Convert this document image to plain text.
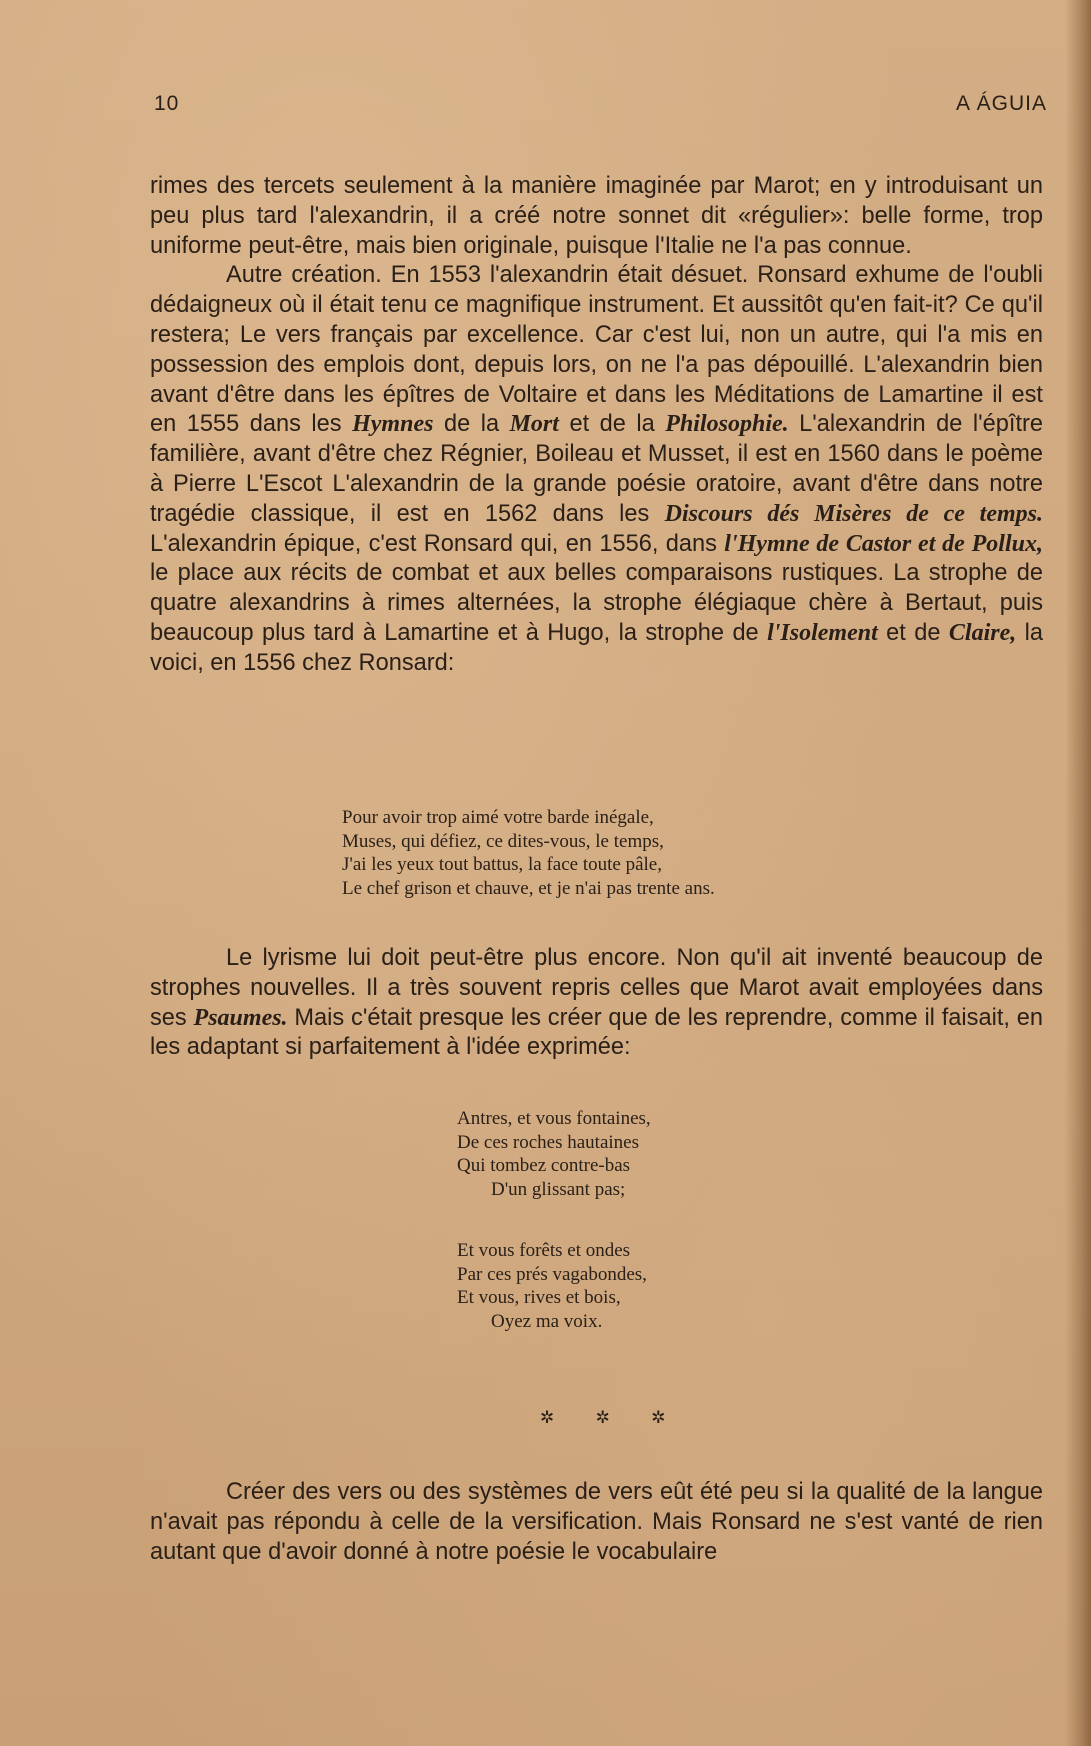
10	A ÁGUIA

rimes des tercets seulement à la manière imaginée par Marot; en y introduisant un peu plus tard l'alexandrin, il a créé notre sonnet dit «régulier»: belle forme, trop uniforme peut-être, mais bien originale, puisque l'Italie ne l'a pas connue.

Autre création. En 1553 l'alexandrin était désuet. Ronsard exhume de l'oubli dédaigneux où il était tenu ce magnifique instrument. Et aussitôt qu'en fait-it? Ce qu'il restera; Le vers français par excellence. Car c'est lui, non un autre, qui l'a mis en possession des emplois dont, depuis lors, on ne l'a pas dépouillé. L'alexandrin bien avant d'être dans les épîtres de Voltaire et dans les Méditations de Lamartine il est en 1555 dans les Hymnes de la Mort et de la Philosophie. L'alexandrin de l'épître familière, avant d'être chez Régnier, Boileau et Musset, il est en 1560 dans le poème à Pierre L'Escot L'alexandrin de la grande poésie oratoire, avant d'être dans notre tragédie classique, il est en 1562 dans les Discours dés Misères de ce temps. L'alexandrin épique, c'est Ronsard qui, en 1556, dans l'Hymne de Castor et de Pollux, le place aux récits de combat et aux belles comparaisons rustiques. La strophe de quatre alexandrins à rimes alternées, la strophe élégiaque chère à Bertaut, puis beaucoup plus tard à Lamartine et à Hugo, la strophe de l'Isolement et de Claire, la voici, en 1556 chez Ronsard:

Pour avoir trop aimé votre barde inégale,
Muses, qui défiez, ce dites-vous, le temps,
J'ai les yeux tout battus, la face toute pâle,
Le chef grison et chauve, et je n'ai pas trente ans.

Le lyrisme lui doit peut-être plus encore. Non qu'il ait inventé beaucoup de strophes nouvelles. Il a très souvent repris celles que Marot avait employées dans ses Psaumes. Mais c'était presque les créer que de les reprendre, comme il faisait, en les adaptant si parfaitement à l'idée exprimée:

Antres, et vous fontaines,
De ces roches hautaines
Qui tombez contre-bas
D'un glissant pas;
Et vous forêts et ondes
Par ces prés vagabondes,
Et vous, rives et bois,
Oyez ma voix.
✲ ✲ ✲

Créer des vers ou des systèmes de vers eût été peu si la qualité de la langue n'avait pas répondu à celle de la versification. Mais Ronsard ne s'est vanté de rien autant que d'avoir donné à notre poésie le vocabulaire
